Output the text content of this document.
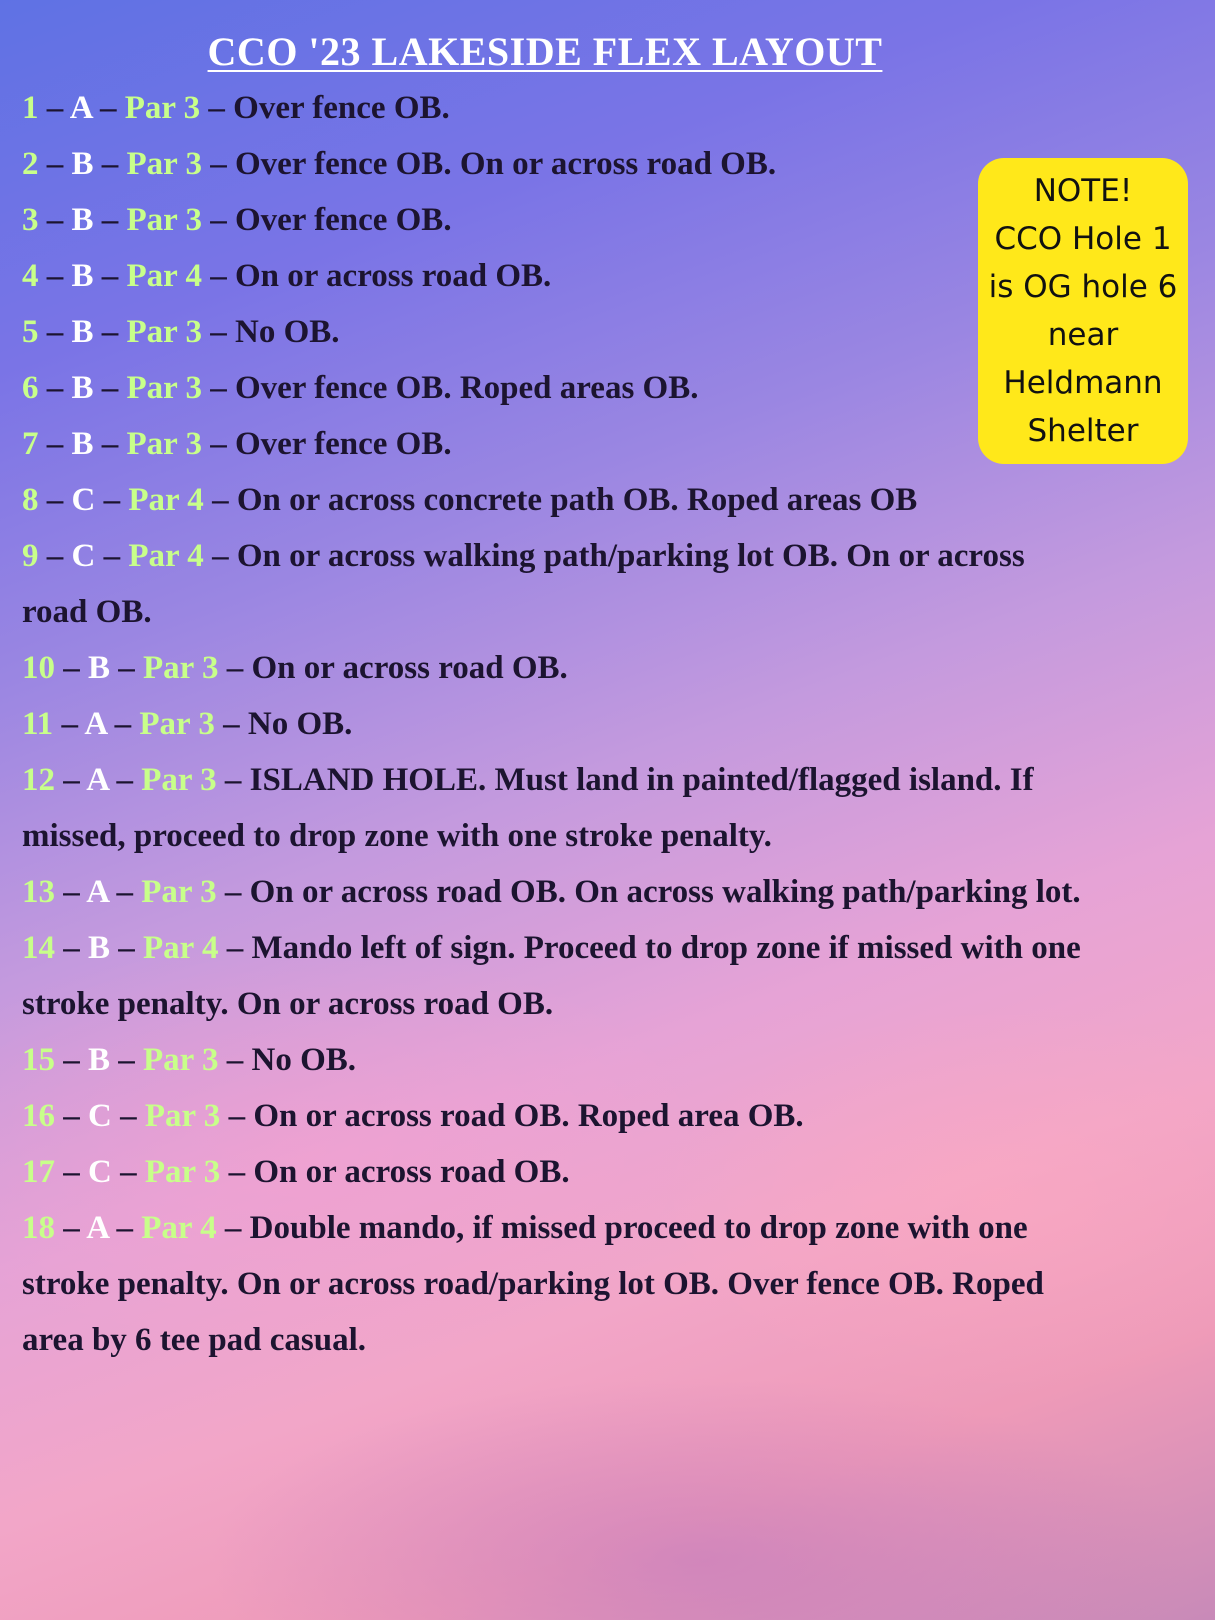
CCO '23 LAKESIDE FLEX LAYOUT
1 – A – Par 3 – Over fence OB.
2 – B – Par 3 – Over fence OB. On or across road OB.
3 – B – Par 3 – Over fence OB.
4 – B – Par 4 – On or across road OB.
5 – B – Par 3 – No OB.
6 – B – Par 3 – Over fence OB. Roped areas OB.
7 – B – Par 3 – Over fence OB.
8 – C – Par 4 – On or across concrete path OB. Roped areas OB
9 – C – Par 4 – On or across walking path/parking lot OB. On or across road OB.
10 – B – Par 3 – On or across road OB.
11 – A – Par 3 – No OB.
12 – A – Par 3 – ISLAND HOLE. Must land in painted/flagged island. If missed, proceed to drop zone with one stroke penalty.
13 – A – Par 3 – On or across road OB. On across walking path/parking lot.
14 – B – Par 4 – Mando left of sign. Proceed to drop zone if missed with one stroke penalty. On or across road OB.
15 – B – Par 3 – No OB.
16 – C – Par 3 – On or across road OB. Roped area OB.
17 – C – Par 3 – On or across road OB.
18 – A – Par 4 – Double mando, if missed proceed to drop zone with one stroke penalty. On or across road/parking lot OB. Over fence OB. Roped area by 6 tee pad casual.
NOTE!
CCO Hole 1
is OG hole 6
near
Heldmann
Shelter
